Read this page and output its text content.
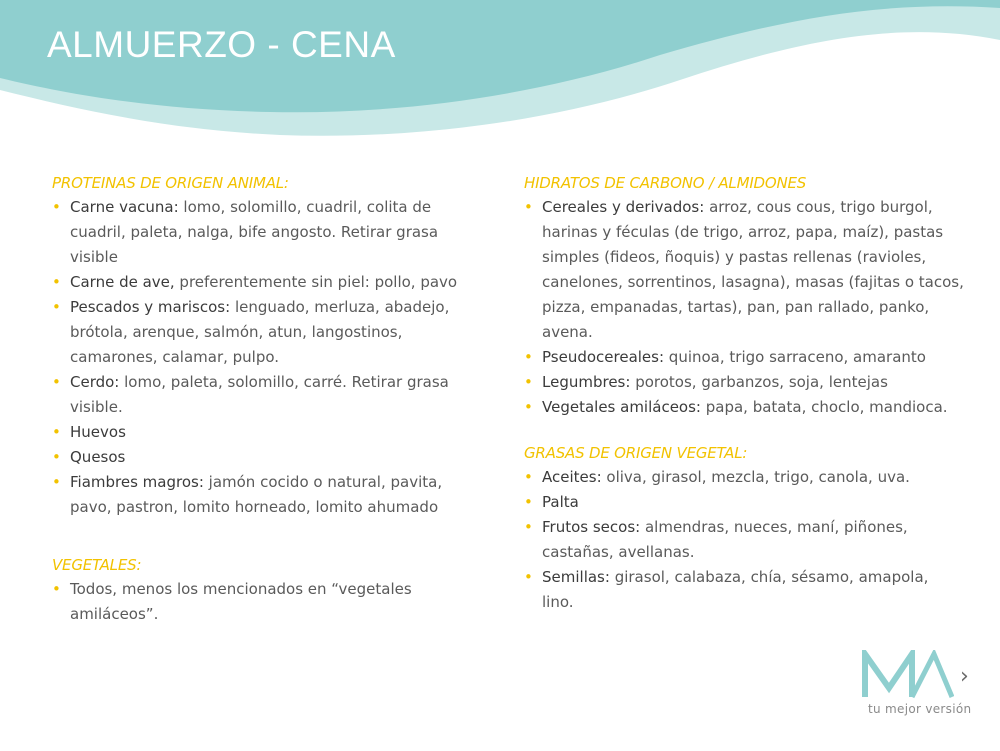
ALMUERZO - CENA
PROTEINAS DE ORIGEN ANIMAL:
• Carne vacuna: lomo, solomillo, cuadril, colita de cuadril, paleta, nalga, bife angosto. Retirar grasa visible
• Carne de ave, preferentemente sin piel: pollo, pavo
• Pescados y mariscos: lenguado, merluza, abadejo, brótola, arenque, salmón, atun, langostinos, camarones, calamar, pulpo.
• Cerdo: lomo, paleta, solomillo, carré. Retirar grasa visible.
• Huevos
• Quesos
• Fiambres magros: jamón cocido o natural, pavita, pavo, pastron, lomito horneado, lomito ahumado
VEGETALES:
• Todos, menos los mencionados en “vegetales amiláceos”.
HIDRATOS DE CARBONO / ALMIDONES
• Cereales y derivados: arroz, cous cous, trigo burgol, harinas y féculas (de trigo, arroz, papa, maíz), pastas simples (fideos, ñoquis) y pastas rellenas (ravioles, canelones, sorrentinos, lasagna), masas (fajitas o tacos, pizza, empanadas, tartas), pan, pan rallado, panko, avena.
• Pseudocereales: quinoa, trigo sarraceno, amaranto
• Legumbres: porotos, garbanzos, soja, lentejas
• Vegetales amiláceos: papa, batata, choclo, mandioca.
GRASAS DE ORIGEN VEGETAL:
• Aceites: oliva, girasol, mezcla, trigo, canola, uva.
• Palta
• Frutos secos: almendras, nueces, maní, piñones, castañas, avellanas.
• Semillas: girasol, calabaza, chía, sésamo, amapola, lino.
›
tu mejor versión
